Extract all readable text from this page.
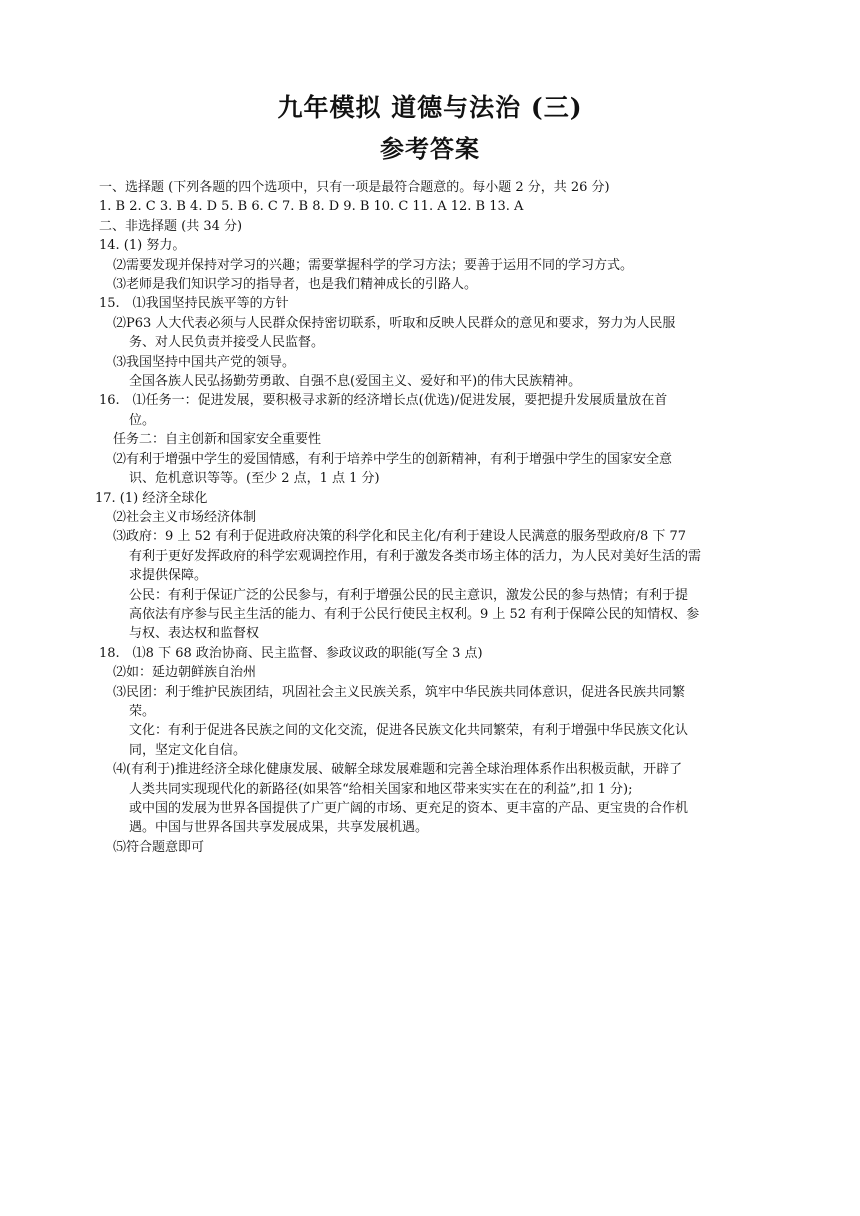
九年模拟 道德与法治 (三)
参考答案
一、选择题 (下列各题的四个选项中，只有一项是最符合题意的。每小题 2 分，共 26 分)
1. B 2. C 3. B 4. D 5. B 6. C 7. B 8. D 9. B 10. C 11. A 12. B 13. A
二、非选择题 (共 34 分)
14. (1) 努力。
⑵需要发现并保持对学习的兴趣；需要掌握科学的学习方法；要善于运用不同的学习方式。
⑶老师是我们知识学习的指导者，也是我们精神成长的引路人。
15.　⑴我国坚持民族平等的方针
⑵P63 人大代表必须与人民群众保持密切联系，听取和反映人民群众的意见和要求，努力为人民服
务、对人民负责并接受人民监督。
⑶我国坚持中国共产党的领导。
全国各族人民弘扬勤劳勇敢、自强不息(爱国主义、爱好和平)的伟大民族精神。
16.　⑴任务一：促进发展，要积极寻求新的经济增长点(优选)/促进发展，要把提升发展质量放在首
位。
任务二：自主创新和国家安全重要性
⑵有利于增强中学生的爱国情感，有利于培养中学生的创新精神，有利于增强中学生的国家安全意
识、危机意识等等。(至少 2 点，1 点 1 分)
17. (1) 经济全球化
⑵社会主义市场经济体制
⑶政府：9 上 52 有利于促进政府决策的科学化和民主化/有利于建设人民满意的服务型政府/8 下 77
有利于更好发挥政府的科学宏观调控作用，有利于激发各类市场主体的活力，为人民对美好生活的需
求提供保障。
公民：有利于保证广泛的公民参与，有利于增强公民的民主意识，激发公民的参与热情；有利于提
高依法有序参与民主生活的能力、有利于公民行使民主权利。9 上 52 有利于保障公民的知情权、参
与权、表达权和监督权
18.　⑴8 下 68 政治协商、民主监督、参政议政的职能(写全 3 点)
⑵如：延边朝鲜族自治州
⑶民团：利于维护民族团结，巩固社会主义民族关系，筑牢中华民族共同体意识，促进各民族共同繁
荣。
文化：有利于促进各民族之间的文化交流，促进各民族文化共同繁荣，有利于增强中华民族文化认
同，坚定文化自信。
⑷(有利于)推进经济全球化健康发展、破解全球发展难题和完善全球治理体系作出积极贡献，开辟了
人类共同实现现代化的新路径(如果答“给相关国家和地区带来实实在在的利益”,扣 1 分);
或中国的发展为世界各国提供了广更广阔的市场、更充足的资本、更丰富的产品、更宝贵的合作机
遇。中国与世界各国共享发展成果，共享发展机遇。
⑸符合题意即可
